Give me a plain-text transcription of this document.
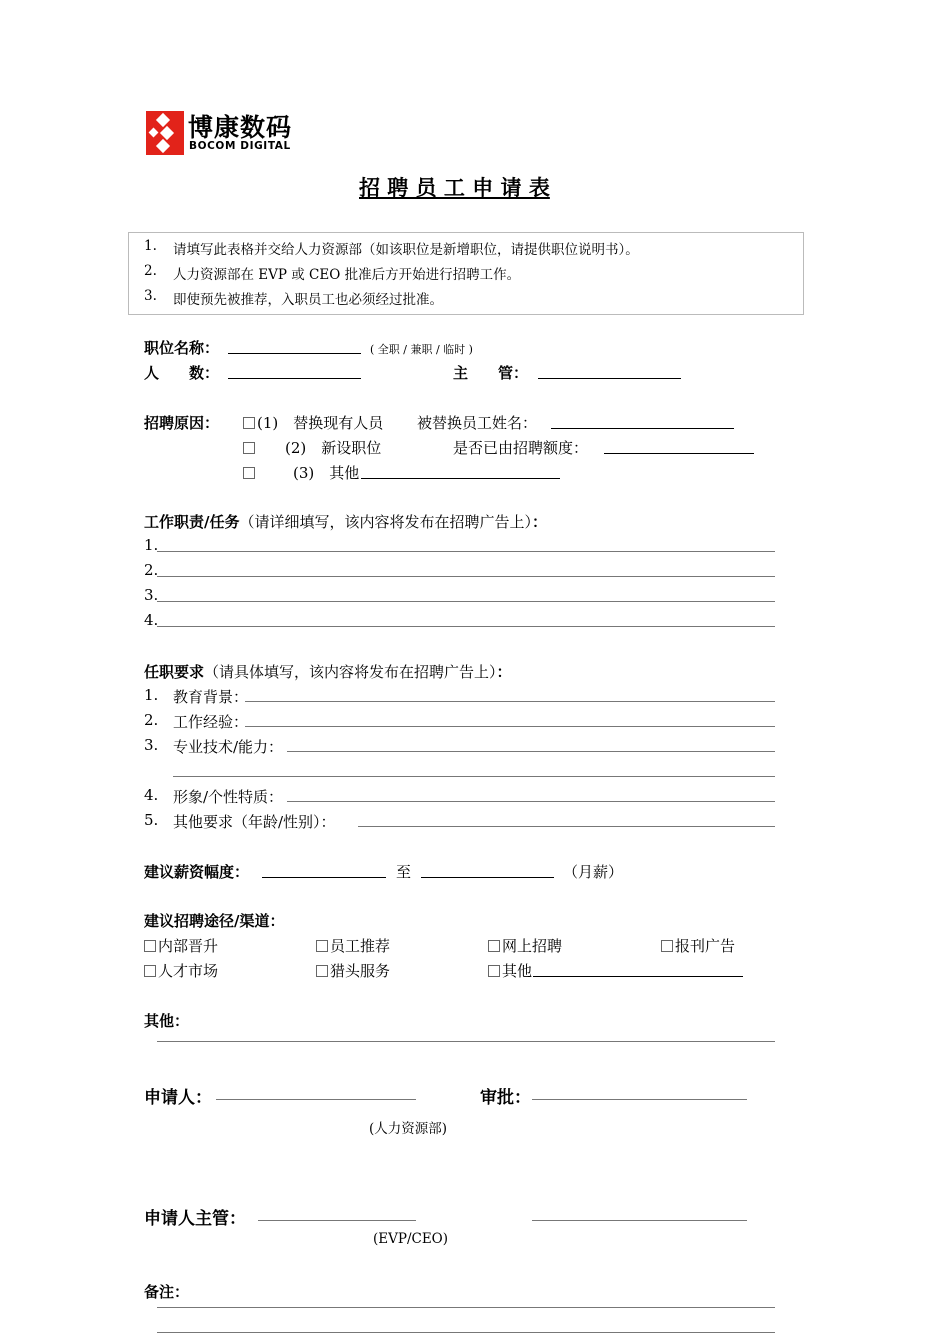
博康数码
BOCOM DIGITAL
招 聘 员 工 申 请 表
1. 请填写此表格并交给人力资源部（如该职位是新增职位，请提供职位说明书）。
2. 人力资源部在 EVP 或 CEO 批准后方开始进行招聘工作。
3. 即使预先被推荐，入职员工也必须经过批准。
职位名称：	( 全职 / 兼职 / 临时 )
人　　数：	主　　管：
招聘原因：	(1)　替换现有人员 被替换员工姓名：
(2)　新设职位	是否已由招聘额度：
(3)　其他
工作职责/任务（请详细填写，该内容将发布在招聘广告上）：
1.
2.
3.
4.
任职要求（请具体填写，该内容将发布在招聘广告上）：
1. 教育背景：
2. 工作经验：
3. 专业技术/能力：
4. 形象/个性特质：
5. 其他要求（年龄/性别）：
建议薪资幅度：	至	（月薪）
建议招聘途径/渠道：
内部晋升	员工推荐	网上招聘	报刊广告
人才市场	猎头服务	其他
其他：
申请人：	审批：
(人力资源部)
申请人主管：
(EVP/CEO)
备注：
